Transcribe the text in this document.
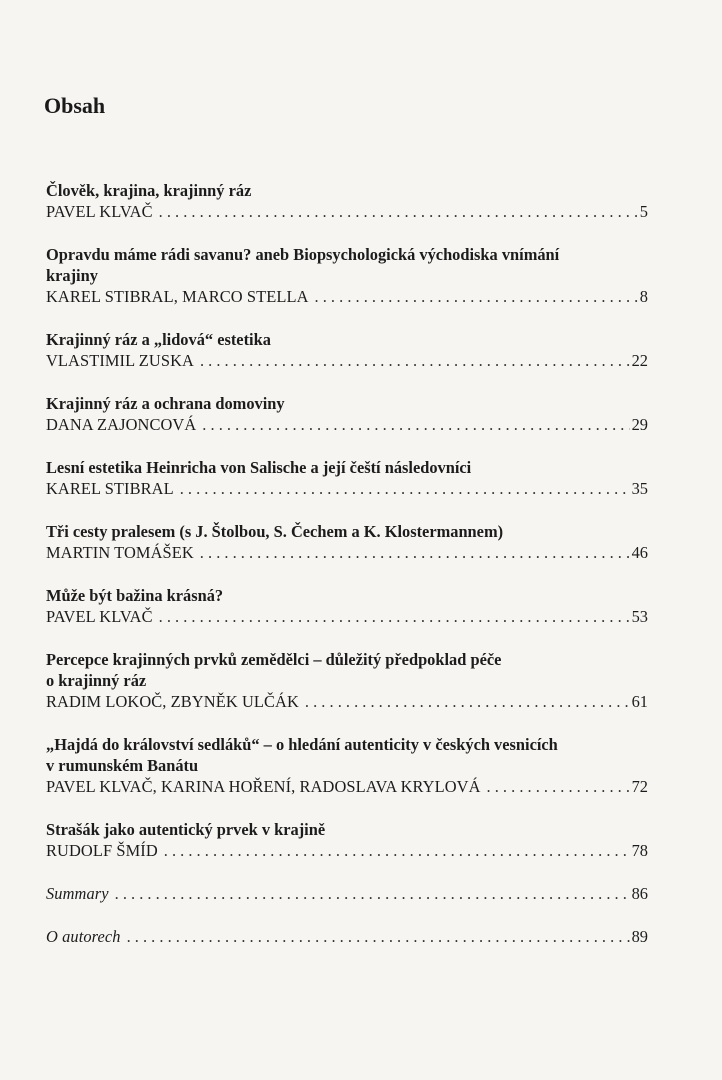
Obsah

Člověk, krajina, krajinný ráz

PAVEL KLVAČ . . .	5

Opravdu máme rádi savanu? aneb Biopsychologická východiska vnímání

krajiny

KAREL STIBRAL, MARCO STELLA . . .	8

Krajinný ráz a „lidová“ estetika

VLASTIMIL ZUSKA . . .	22

Krajinný ráz a ochrana domoviny

DANA ZAJONCOVÁ . . .	29

Lesní estetika Heinricha von Salische a její čeští následovníci

KAREL STIBRAL . . .	35

Tři cesty pralesem (s J. Štolbou, S. Čechem a K. Klostermannem)

MARTIN TOMÁŠEK . . .	46

Může být bažina krásná?

PAVEL KLVAČ . . .	53

Percepce krajinných prvků zemědělci – důležitý předpoklad péče

o krajinný ráz

RADIM LOKOČ, ZBYNĚK ULČÁK . . .	61

„Hajdá do království sedláků“ – o hledání autenticity v českých vesnicích

v rumunském Banátu

PAVEL KLVAČ, KARINA HOŘENÍ, RADOSLAVA KRYLOVÁ . . .	72

Strašák jako autentický prvek v krajině

RUDOLF ŠMÍD . . .	78
Summary . . .	86
O autorech . . .	89
